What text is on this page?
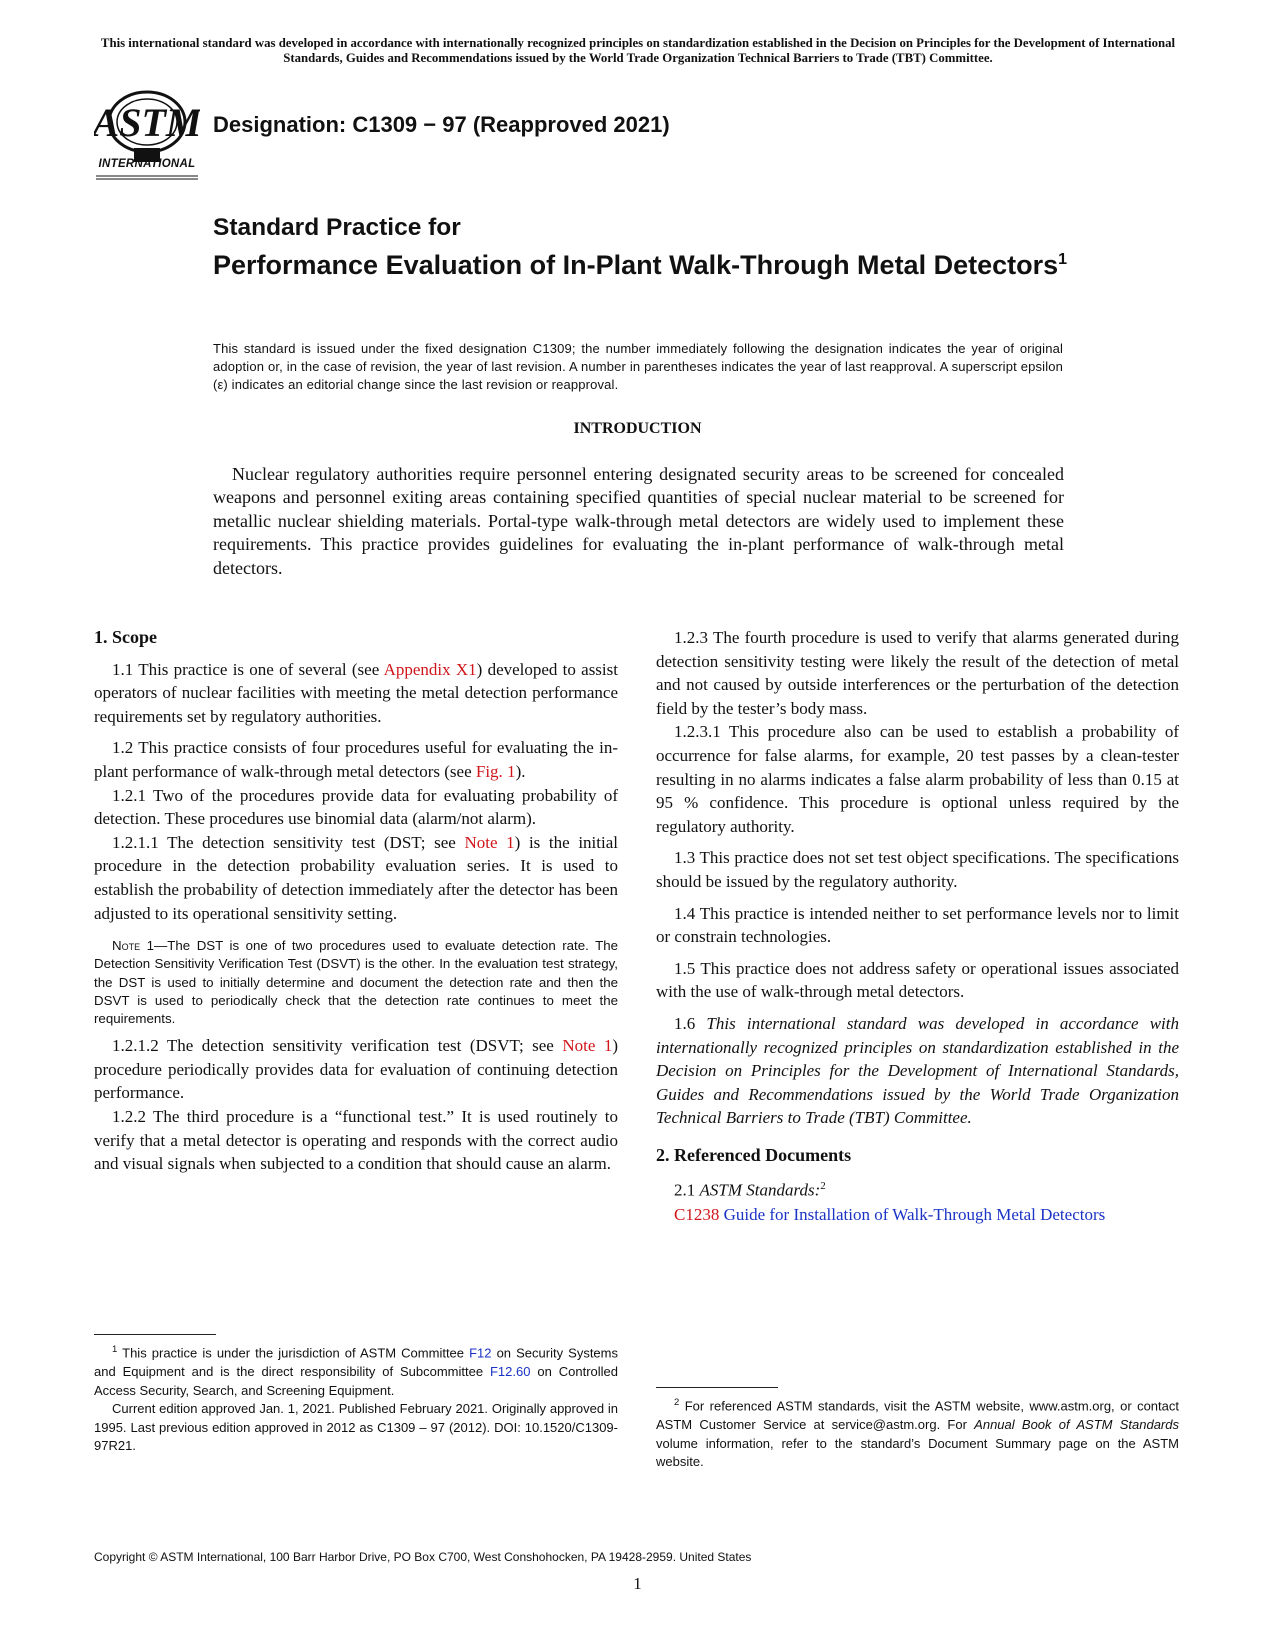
This international standard was developed in accordance with internationally recognized principles on standardization established in the Decision on Principles for the Development of International Standards, Guides and Recommendations issued by the World Trade Organization Technical Barriers to Trade (TBT) Committee.
ASTM
INTERNATIONAL
Designation: C1309 − 97 (Reapproved 2021)
Standard Practice for
Performance Evaluation of In-Plant Walk-Through Metal Detectors$^1$
This standard is issued under the fixed designation C1309; the number immediately following the designation indicates the year of original adoption or, in the case of revision, the year of last revision. A number in parentheses indicates the year of last reapproval. A superscript epsilon (ε) indicates an editorial change since the last revision or reapproval.
INTRODUCTION

Nuclear regulatory authorities require personnel entering designated security areas to be screened for concealed weapons and personnel exiting areas containing specified quantities of special nuclear material to be screened for metallic nuclear shielding materials. Portal-type walk-through metal detectors are widely used to implement these requirements. This practice provides guidelines for evaluating the in-plant performance of walk-through metal detectors.

1. Scope

1.1 This practice is one of several (see Appendix X1) developed to assist operators of nuclear facilities with meeting the metal detection performance requirements set by regulatory authorities.

1.2 This practice consists of four procedures useful for evaluating the in-plant performance of walk-through metal detectors (see Fig. 1).

1.2.1 Two of the procedures provide data for evaluating probability of detection. These procedures use binomial data (alarm/not alarm).

1.2.1.1 The detection sensitivity test (DST; see Note 1) is the initial procedure in the detection probability evaluation series. It is used to establish the probability of detection immediately after the detector has been adjusted to its operational sensitivity setting.

Note 1—The DST is one of two procedures used to evaluate detection rate. The Detection Sensitivity Verification Test (DSVT) is the other. In the evaluation test strategy, the DST is used to initially determine and document the detection rate and then the DSVT is used to periodically check that the detection rate continues to meet the requirements.

1.2.1.2 The detection sensitivity verification test (DSVT; see Note 1) procedure periodically provides data for evaluation of continuing detection performance.

1.2.2 The third procedure is a “functional test.” It is used routinely to verify that a metal detector is operating and responds with the correct audio and visual signals when subjected to a condition that should cause an alarm.

1.2.3 The fourth procedure is used to verify that alarms generated during detection sensitivity testing were likely the result of the detection of metal and not caused by outside interferences or the perturbation of the detection field by the tester’s body mass.

1.2.3.1 This procedure also can be used to establish a probability of occurrence for false alarms, for example, 20 test passes by a clean-tester resulting in no alarms indicates a false alarm probability of less than 0.15 at 95 % confidence. This procedure is optional unless required by the regulatory authority.

1.3 This practice does not set test object specifications. The specifications should be issued by the regulatory authority.

1.4 This practice is intended neither to set performance levels nor to limit or constrain technologies.

1.5 This practice does not address safety or operational issues associated with the use of walk-through metal detectors.

1.6 This international standard was developed in accordance with internationally recognized principles on standardization established in the Decision on Principles for the Development of International Standards, Guides and Recommendations issued by the World Trade Organization Technical Barriers to Trade (TBT) Committee.

2. Referenced Documents

2.1 ASTM Standards:$^2$

C1238 Guide for Installation of Walk-Through Metal Detectors

$^1$ This practice is under the jurisdiction of ASTM Committee F12 on Security Systems and Equipment and is the direct responsibility of Subcommittee F12.60 on Controlled Access Security, Search, and Screening Equipment.

Current edition approved Jan. 1, 2021. Published February 2021. Originally approved in 1995. Last previous edition approved in 2012 as C1309 – 97 (2012). DOI: 10.1520/C1309-97R21.

$^2$ For referenced ASTM standards, visit the ASTM website, www.astm.org, or contact ASTM Customer Service at service@astm.org. For Annual Book of ASTM Standards volume information, refer to the standard’s Document Summary page on the ASTM website.

Copyright © ASTM International, 100 Barr Harbor Drive, PO Box C700, West Conshohocken, PA 19428-2959. United States
1
